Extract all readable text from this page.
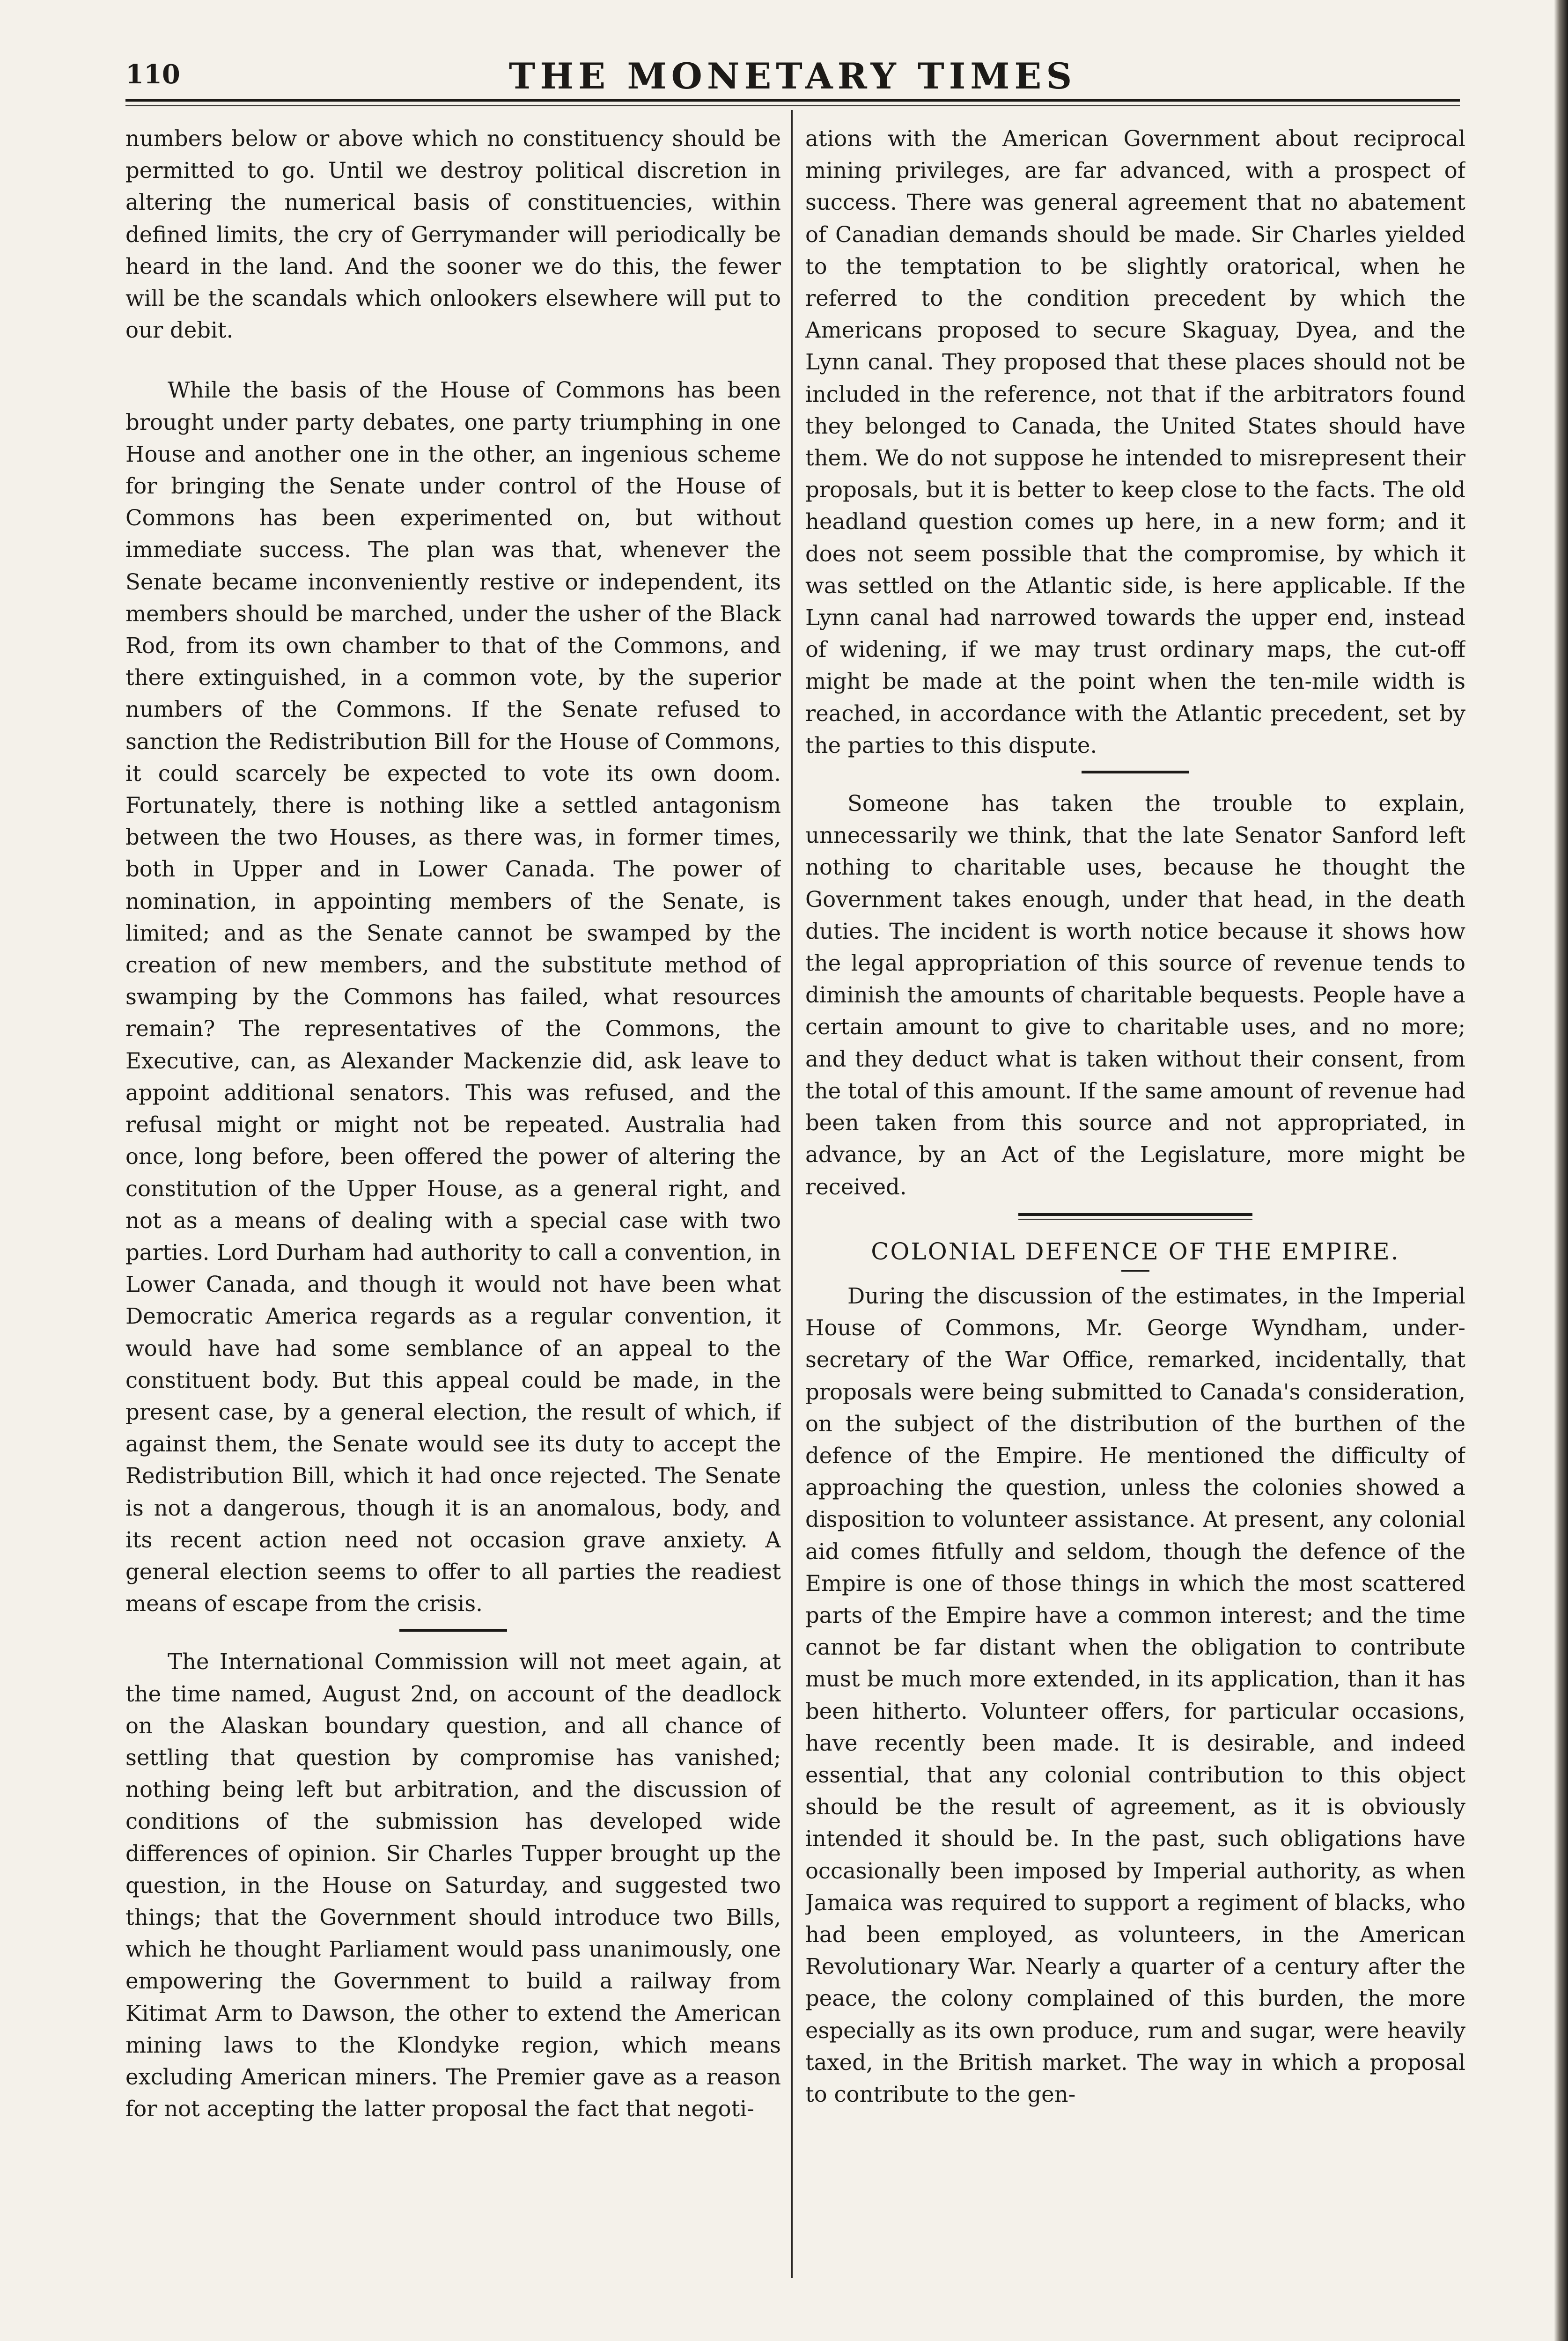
110	THE MONETARY TIMES

numbers below or above which no constituency should be permitted to go. Until we destroy political discretion in altering the numerical basis of constituencies, within defined limits, the cry of Gerrymander will periodically be heard in the land. And the sooner we do this, the fewer will be the scandals which onlookers elsewhere will put to our debit.

While the basis of the House of Commons has been brought under party debates, one party triumphing in one House and another one in the other, an ingenious scheme for bringing the Senate under control of the House of Commons has been experimented on, but without immediate success. The plan was that, whenever the Senate became inconveniently restive or independent, its members should be marched, under the usher of the Black Rod, from its own chamber to that of the Commons, and there extinguished, in a common vote, by the superior numbers of the Commons. If the Senate refused to sanction the Redistribution Bill for the House of Commons, it could scarcely be expected to vote its own doom. Fortunately, there is nothing like a settled antagonism between the two Houses, as there was, in former times, both in Upper and in Lower Canada. The power of nomination, in appointing members of the Senate, is limited; and as the Senate cannot be swamped by the creation of new members, and the substitute method of swamping by the Commons has failed, what resources remain? The representatives of the Commons, the Executive, can, as Alexander Mackenzie did, ask leave to appoint additional senators. This was refused, and the refusal might or might not be repeated. Australia had once, long before, been offered the power of altering the constitution of the Upper House, as a general right, and not as a means of dealing with a special case with two parties. Lord Durham had authority to call a convention, in Lower Canada, and though it would not have been what Democratic America regards as a regular convention, it would have had some semblance of an appeal to the constituent body. But this appeal could be made, in the present case, by a general election, the result of which, if against them, the Senate would see its duty to accept the Redistribution Bill, which it had once rejected. The Senate is not a dangerous, though it is an anomalous, body, and its recent action need not occasion grave anxiety. A general election seems to offer to all parties the readiest means of escape from the crisis.

The International Commission will not meet again, at the time named, August 2nd, on account of the deadlock on the Alaskan boundary question, and all chance of settling that question by compromise has vanished; nothing being left but arbitration, and the discussion of conditions of the submission has developed wide differences of opinion. Sir Charles Tupper brought up the question, in the House on Saturday, and suggested two things; that the Government should introduce two Bills, which he thought Parliament would pass unanimously, one empowering the Government to build a railway from Kitimat Arm to Dawson, the other to extend the American mining laws to the Klondyke region, which means excluding American miners. The Premier gave as a reason for not accepting the latter proposal the fact that negoti-

ations with the American Government about reciprocal mining privileges, are far advanced, with a prospect of success. There was general agreement that no abatement of Canadian demands should be made. Sir Charles yielded to the temptation to be slightly oratorical, when he referred to the condition precedent by which the Americans proposed to secure Skaguay, Dyea, and the Lynn canal. They proposed that these places should not be included in the reference, not that if the arbitrators found they belonged to Canada, the United States should have them. We do not suppose he intended to misrepresent their proposals, but it is better to keep close to the facts. The old headland question comes up here, in a new form; and it does not seem possible that the compromise, by which it was settled on the Atlantic side, is here applicable. If the Lynn canal had narrowed towards the upper end, instead of widening, if we may trust ordinary maps, the cut-off might be made at the point when the ten-mile width is reached, in accordance with the Atlantic precedent, set by the parties to this dispute.

Someone has taken the trouble to explain, unnecessarily we think, that the late Senator Sanford left nothing to charitable uses, because he thought the Government takes enough, under that head, in the death duties. The incident is worth notice because it shows how the legal appropriation of this source of revenue tends to diminish the amounts of charitable bequests. People have a certain amount to give to charitable uses, and no more; and they deduct what is taken without their consent, from the total of this amount. If the same amount of revenue had been taken from this source and not appropriated, in advance, by an Act of the Legislature, more might be received.

COLONIAL DEFENCE OF THE EMPIRE.

During the discussion of the estimates, in the Imperial House of Commons, Mr. George Wyndham, under-secretary of the War Office, remarked, incidentally, that proposals were being submitted to Canada's consideration, on the subject of the distribution of the burthen of the defence of the Empire. He mentioned the difficulty of approaching the question, unless the colonies showed a disposition to volunteer assistance. At present, any colonial aid comes fitfully and seldom, though the defence of the Empire is one of those things in which the most scattered parts of the Empire have a common interest; and the time cannot be far distant when the obligation to contribute must be much more extended, in its application, than it has been hitherto. Volunteer offers, for particular occasions, have recently been made. It is desirable, and indeed essential, that any colonial contribution to this object should be the result of agreement, as it is obviously intended it should be. In the past, such obligations have occasionally been imposed by Imperial authority, as when Jamaica was required to support a regiment of blacks, who had been employed, as volunteers, in the American Revolutionary War. Nearly a quarter of a century after the peace, the colony complained of this burden, the more especially as its own produce, rum and sugar, were heavily taxed, in the British market. The way in which a proposal to contribute to the gen-
